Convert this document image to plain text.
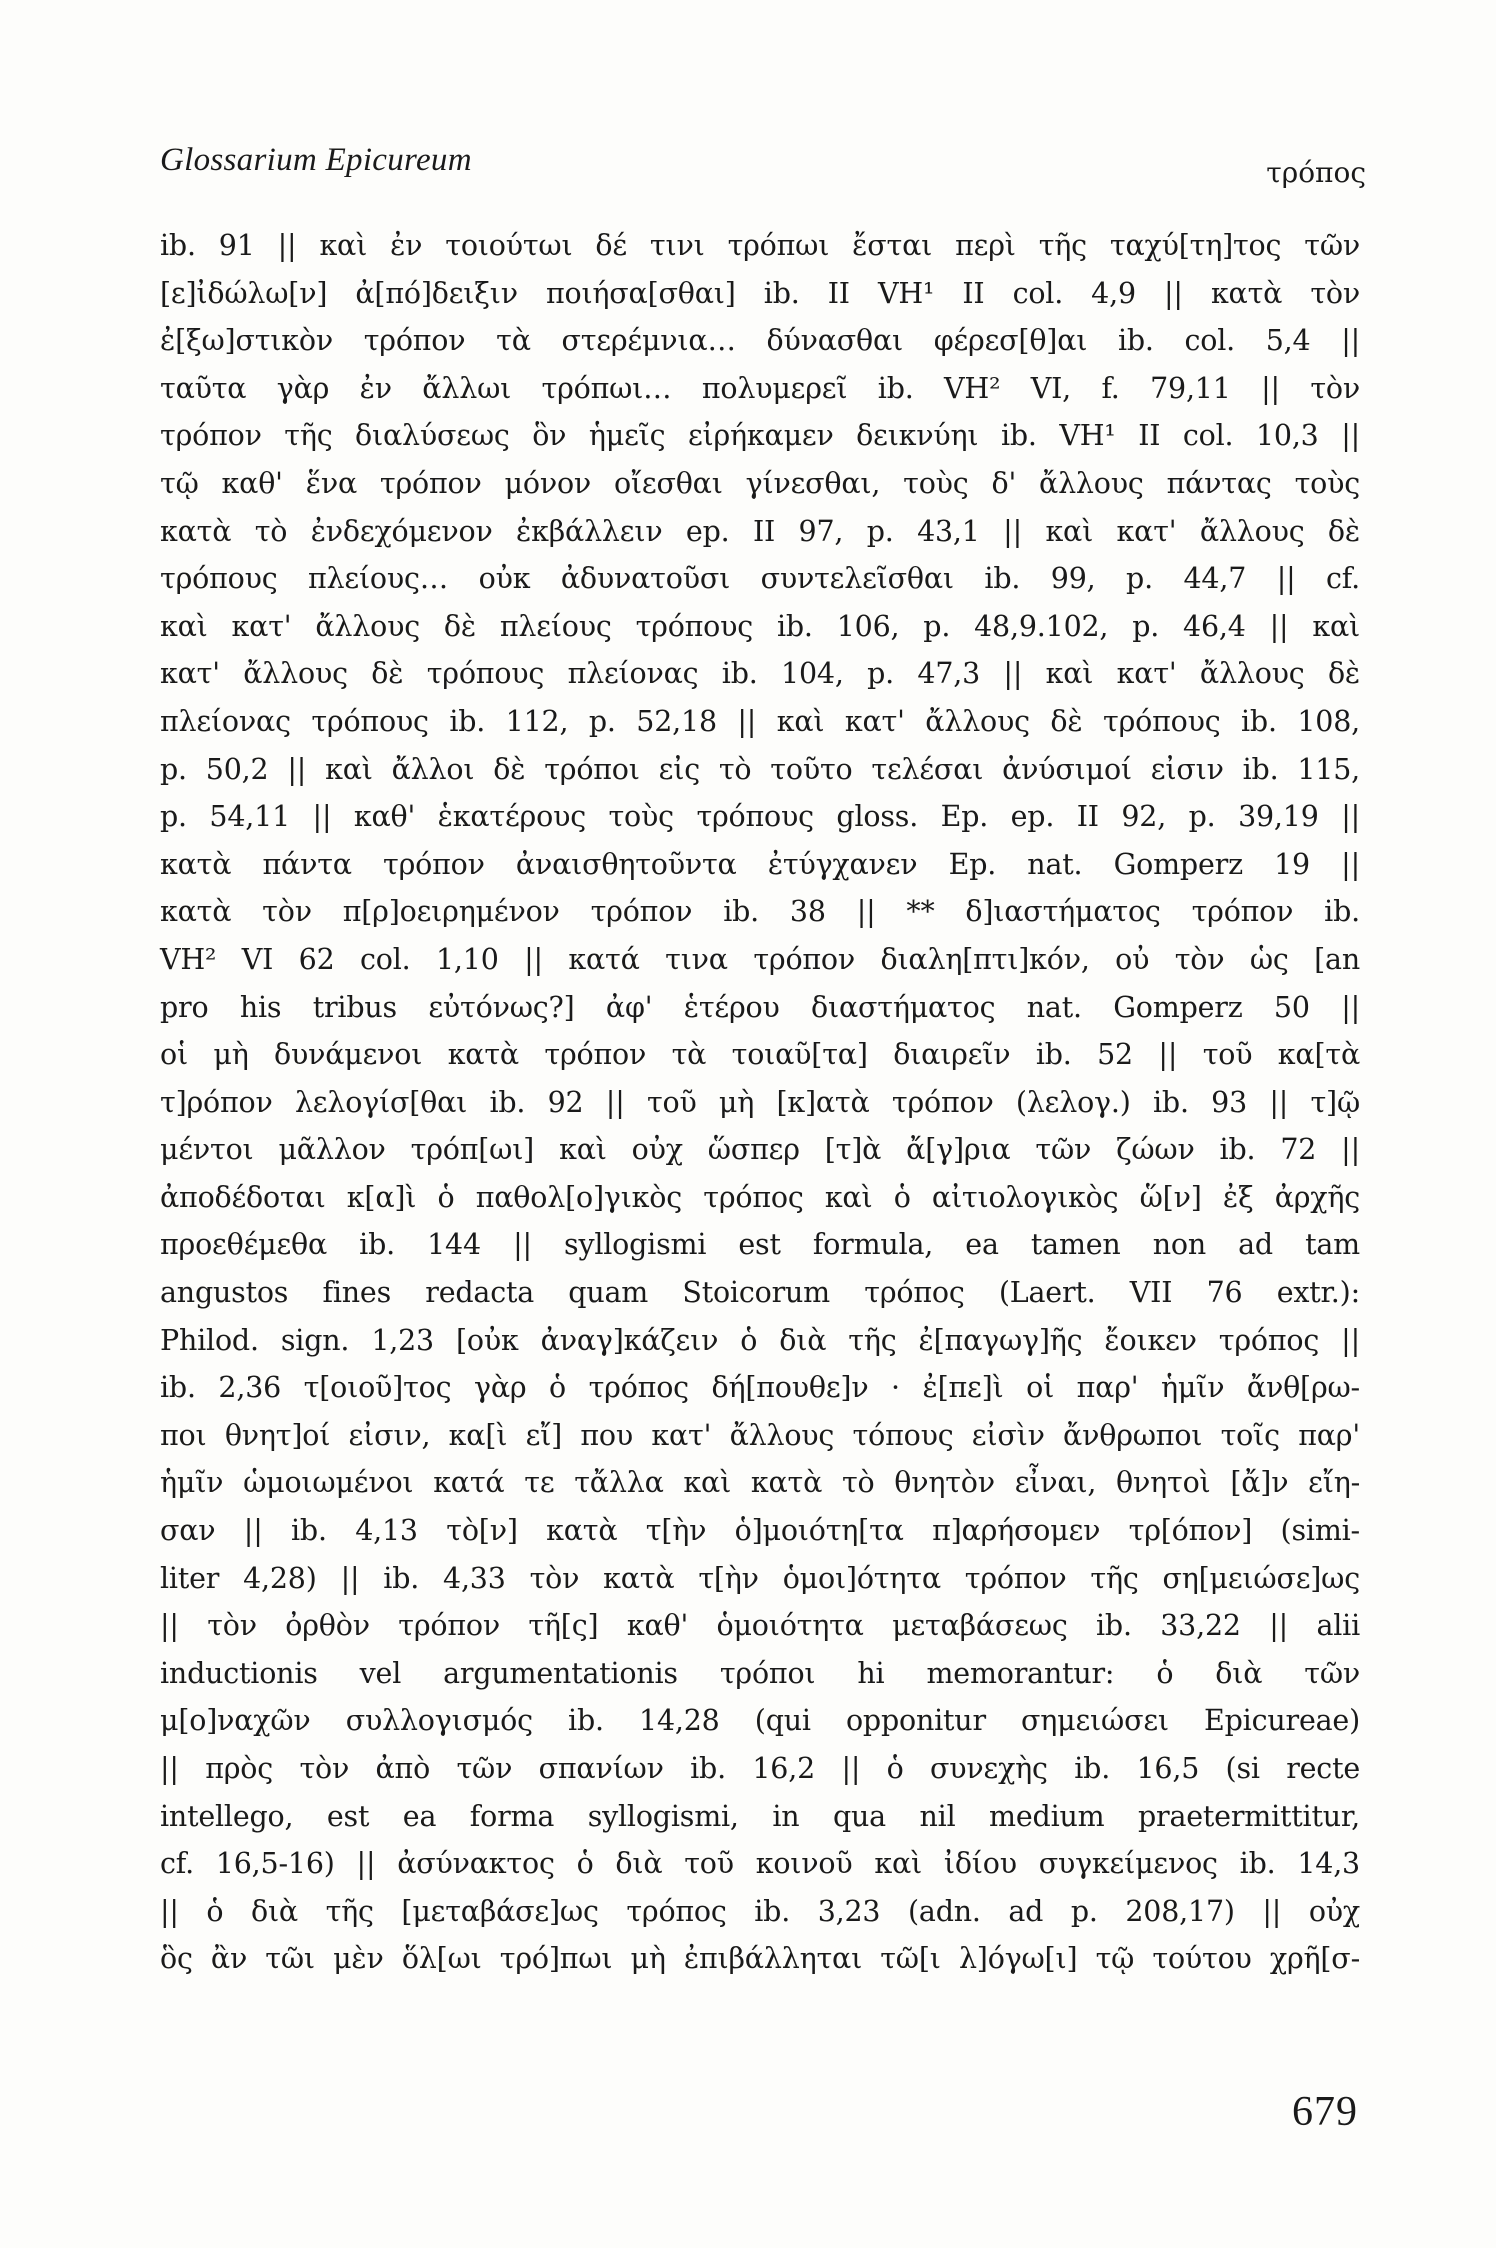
Glossarium Epicureum	τρόπος
ib. 91 || καὶ ἐν τοιούτωι δέ τινι τρόπωι ἔσται περὶ τῆς ταχύ[τη]τος τῶν
[ε]ἰδώλω[ν] ἀ[πό]δειξιν ποιήσα[σθαι] ib. II VH¹ II col. 4,9 || κατὰ τὸν
ἐ[ξω]στικὸν τρόπον τὰ στερέμνια… δύνασθαι φέρεσ[θ]αι ib. col. 5,4 ||
ταῦτα γὰρ ἐν ἄλλωι τρόπωι… πολυμερεῖ ib. VH² VI, f. 79,11 || τὸν
τρόπον τῆς διαλύσεως ὃν ἡμεῖς εἰρήκαμεν δεικνύηι ib. VH¹ II col. 10,3 ||
τῷ καθ' ἕνα τρόπον μόνον οἴεσθαι γίνεσθαι, τοὺς δ' ἄλλους πάντας τοὺς
κατὰ τὸ ἐνδεχόμενον ἐκβάλλειν ep. II 97, p. 43,1 || καὶ κατ' ἄλλους δὲ
τρόπους πλείους… οὐκ ἀδυνατοῦσι συντελεῖσθαι ib. 99, p. 44,7 || cf.
καὶ κατ' ἄλλους δὲ πλείους τρόπους ib. 106, p. 48,9.102, p. 46,4 || καὶ
κατ' ἄλλους δὲ τρόπους πλείονας ib. 104, p. 47,3 || καὶ κατ' ἄλλους δὲ
πλείονας τρόπους ib. 112, p. 52,18 || καὶ κατ' ἄλλους δὲ τρόπους ib. 108,
p. 50,2 || καὶ ἄλλοι δὲ τρόποι εἰς τὸ τοῦτο τελέσαι ἀνύσιμοί εἰσιν ib. 115,
p. 54,11 || καθ' ἑκατέρους τοὺς τρόπους gloss. Ep. ep. II 92, p. 39,19 ||
κατὰ πάντα τρόπον ἀναισθητοῦντα ἐτύγχανεν Ep. nat. Gomperz 19 ||
κατὰ τὸν π[ρ]οειρημένον τρόπον ib. 38 || ** δ]ιαστήματος τρόπον ib.
VH² VI 62 col. 1,10 || κατά τινα τρόπον διαλη[πτι]κόν, οὐ τὸν ὡς [an
pro his tribus εὐτόνως?] ἀφ' ἑτέρου διαστήματος nat. Gomperz 50 ||
οἱ μὴ δυνάμενοι κατὰ τρόπον τὰ τοιαῦ[τα] διαιρεῖν ib. 52 || τοῦ κα[τὰ
τ]ρόπον λελογίσ[θαι ib. 92 || τοῦ μὴ [κ]ατὰ τρόπον (λελογ.) ib. 93 || τ]ῷ
μέντοι μᾶλλον τρόπ[ωι] καὶ οὐχ ὥσπερ [τ]ὰ ἄ[γ]ρια τῶν ζώων ib. 72 ||
ἀποδέδοται κ[α]ὶ ὁ παθολ[ο]γικὸς τρόπος καὶ ὁ αἰτιολογικὸς ὥ[ν] ἐξ ἀρχῆς
προεθέμεθα ib. 144 || syllogismi est formula, ea tamen non ad tam
angustos fines redacta quam Stoicorum τρόπος (Laert. VII 76 extr.):
Philod. sign. 1,23 [οὐκ ἀναγ]κάζειν ὁ διὰ τῆς ἐ[παγωγ]ῆς ἔοικεν τρόπος ||
ib. 2,36 τ[οιοῦ]τος γὰρ ὁ τρόπος δή[πουθε]ν · ἐ[πε]ὶ οἱ παρ' ἡμῖν ἄνθ[ρω-
ποι θνητ]οί εἰσιν, κα[ὶ εἴ] που κατ' ἄλλους τόπους εἰσὶν ἄνθρωποι τοῖς παρ'
ἡμῖν ὡμοιωμένοι κατά τε τἄλλα καὶ κατὰ τὸ θνητὸν εἶναι, θνητοὶ [ἄ]ν εἴη-
σαν || ib. 4,13 τὸ[ν] κατὰ τ[ὴν ὁ]μοιότη[τα π]αρήσομεν τρ[όπον] (simi-
liter 4,28) || ib. 4,33 τὸν κατὰ τ[ὴν ὁμοι]ότητα τρόπον τῆς ση[μειώσε]ως
|| τὸν ὀρθὸν τρόπον τῆ[ς] καθ' ὁμοιότητα μεταβάσεως ib. 33,22 || alii
inductionis vel argumentationis τρόποι hi memorantur: ὁ διὰ τῶν
μ[ο]ναχῶν συλλογισμός ib. 14,28 (qui opponitur σημειώσει Epicureae)
|| πρὸς τὸν ἀπὸ τῶν σπανίων ib. 16,2 || ὁ συνεχὴς ib. 16,5 (si recte
intellego, est ea forma syllogismi, in qua nil medium praetermittitur,
cf. 16,5-16) || ἀσύνακτος ὁ διὰ τοῦ κοινοῦ καὶ ἰδίου συγκείμενος ib. 14,3
|| ὁ διὰ τῆς [μεταβάσε]ως τρόπος ib. 3,23 (adn. ad p. 208,17) || οὐχ
ὃς ἂν τῶι μὲν ὅλ[ωι τρό]πωι μὴ ἐπιβάλληται τῶ[ι λ]όγω[ι] τῷ τούτου χρῆ[σ-
679
